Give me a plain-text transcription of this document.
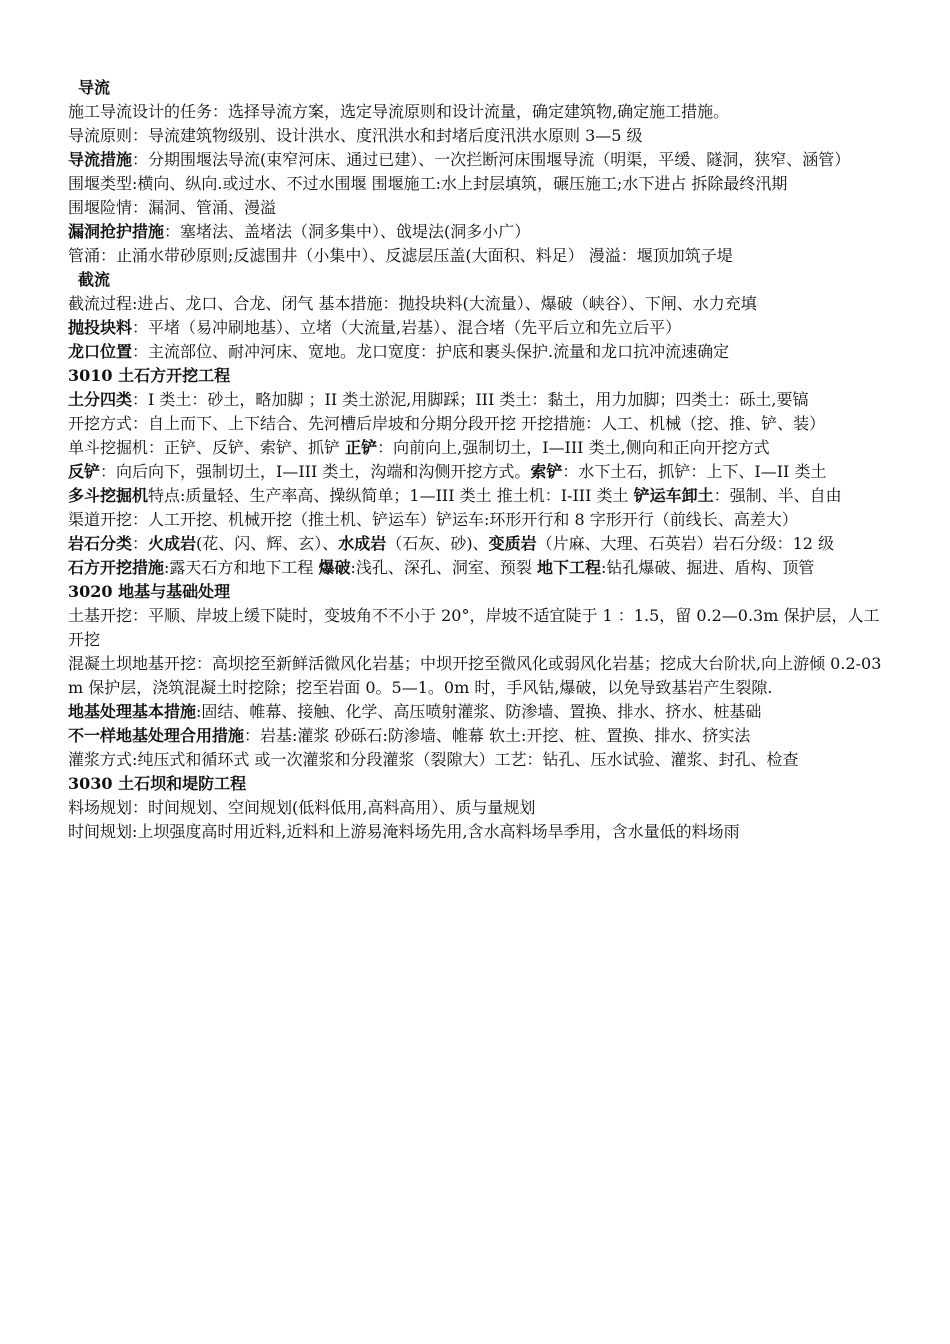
导流

施工导流设计的任务：选择导流方案，选定导流原则和设计流量，确定建筑物,确定施工措施。

导流原则：导流建筑物级别、设计洪水、度汛洪水和封堵后度汛洪水原则 3—5 级

导流措施：分期围堰法导流(束窄河床、通过已建）、一次拦断河床围堰导流（明渠，平缓、隧洞，狭窄、涵管）

围堰类型:横向、纵向.或过水、不过水围堰 围堰施工:水上封层填筑，碾压施工;水下进占 拆除最终汛期

围堰险情：漏洞、管涌、漫溢

漏洞抢护措施：塞堵法、盖堵法（洞多集中）、戗堤法(洞多小广）

管涌：止涌水带砂原则;反滤围井（小集中）、反滤层压盖(大面积、料足） 漫溢：堰顶加筑子堤

截流

截流过程:进占、龙口、合龙、闭气 基本措施：抛投块料(大流量）、爆破（峡谷）、下闸、水力充填

抛投块料：平堵（易冲刷地基）、立堵（大流量,岩基）、混合堵（先平后立和先立后平）

龙口位置：主流部位、耐冲河床、宽地。龙口宽度：护底和裹头保护.流量和龙口抗冲流速确定

3010 土石方开挖工程

土分四类：I 类土：砂土，略加脚 ；II 类土淤泥,用脚踩；III 类土：黏土，用力加脚；四类土：砾土,要镐

开挖方式：自上而下、上下结合、先河槽后岸坡和分期分段开挖 开挖措施：人工、机械（挖、推、铲、装）

单斗挖掘机：正铲、反铲、索铲、抓铲 正铲：向前向上,强制切土，I—III 类土,侧向和正向开挖方式

反铲：向后向下，强制切土，I—III 类土，沟端和沟侧开挖方式。索铲：水下土石，抓铲：上下、I—II 类土

多斗挖掘机特点:质量轻、生产率高、操纵简单；1—III 类土 推土机：I-III 类土 铲运车卸土：强制、半、自由

渠道开挖：人工开挖、机械开挖（推土机、铲运车）铲运车:环形开行和 8 字形开行（前线长、高差大）

岩石分类：火成岩(花、闪、辉、玄）、水成岩（石灰、砂)、变质岩（片麻、大理、石英岩）岩石分级：12 级

石方开挖措施:露天石方和地下工程 爆破:浅孔、深孔、洞室、预裂 地下工程:钻孔爆破、掘进、盾构、顶管

3020 地基与基础处理

土基开挖：平顺、岸坡上缓下陡时，变坡角不不小于 20°，岸坡不适宜陡于 1 ：1.5，留 0.2—0.3m 保护层，人工开挖

混凝土坝地基开挖：高坝挖至新鲜活微风化岩基；中坝开挖至微风化或弱风化岩基；挖成大台阶状,向上游倾 0.2-03m 保护层，浇筑混凝土时挖除；挖至岩面 0。5—1。0m 时，手风钻,爆破，以免导致基岩产生裂隙.

地基处理基本措施:固结、帷幕、接触、化学、高压喷射灌浆、防渗墙、置换、排水、挤水、桩基础

不一样地基处理合用措施：岩基:灌浆 砂砾石:防渗墙、帷幕 软土:开挖、桩、置换、排水、挤实法

灌浆方式:纯压式和循环式 或一次灌浆和分段灌浆（裂隙大）工艺：钻孔、压水试验、灌浆、封孔、检查

3030 土石坝和堤防工程

料场规划：时间规划、空间规划(低料低用,高料高用）、质与量规划

时间规划:上坝强度高时用近料,近料和上游易淹料场先用,含水高料场旱季用，含水量低的料场雨
